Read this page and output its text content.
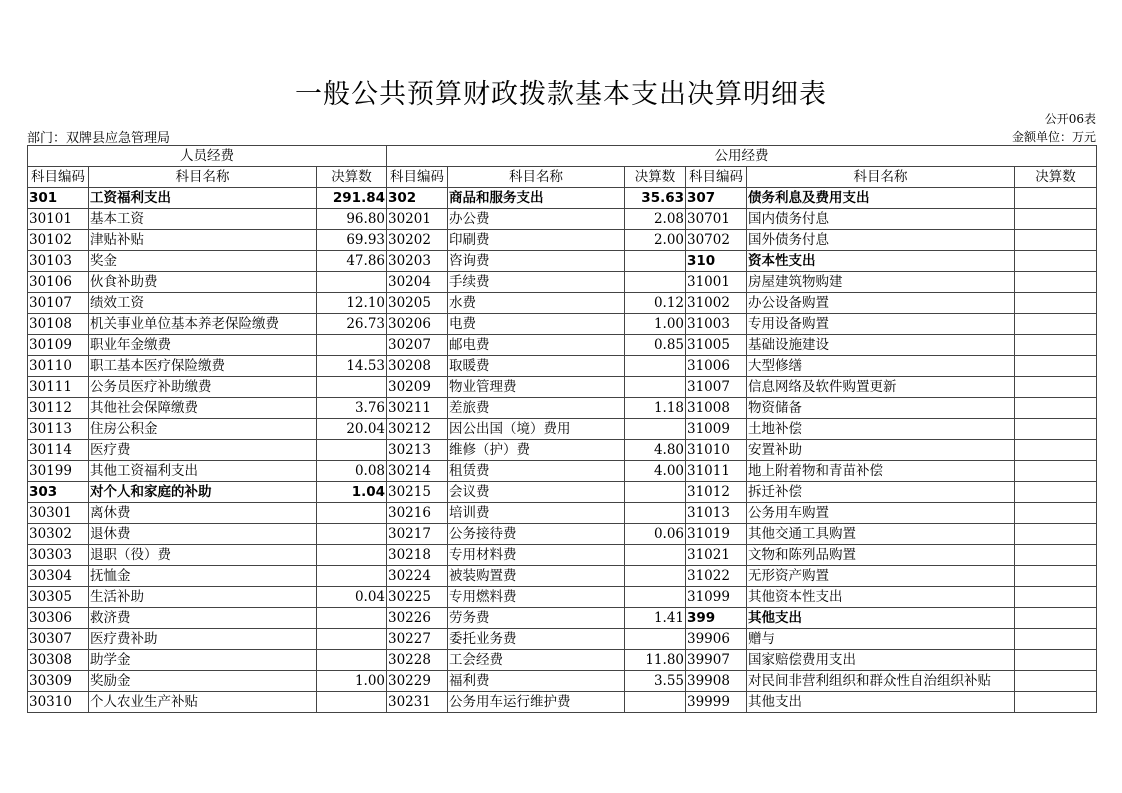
一般公共预算财政拨款基本支出决算明细表
公开06表
部门：双牌县应急管理局	金额单位：万元
人员经费			公用经费					
科目编码	科目名称	决算数	科目编码	科目名称	决算数	科目编码	科目名称	决算数
301	工资福利支出	291.84	302	商品和服务支出	35.63	307	债务利息及费用支出	
30101	基本工资	96.80	30201	办公费	2.08	30701	国内债务付息	
30102	津贴补贴	69.93	30202	印刷费	2.00	30702	国外债务付息	
30103	奖金	47.86	30203	咨询费		310	资本性支出	
30106	伙食补助费		30204	手续费		31001	房屋建筑物购建	
30107	绩效工资	12.10	30205	水费	0.12	31002	办公设备购置	
30108	机关事业单位基本养老保险缴费	26.73	30206	电费	1.00	31003	专用设备购置	
30109	职业年金缴费		30207	邮电费	0.85	31005	基础设施建设	
30110	职工基本医疗保险缴费	14.53	30208	取暖费		31006	大型修缮	
30111	公务员医疗补助缴费		30209	物业管理费		31007	信息网络及软件购置更新	
30112	其他社会保障缴费	3.76	30211	差旅费	1.18	31008	物资储备	
30113	住房公积金	20.04	30212	因公出国（境）费用		31009	土地补偿	
30114	医疗费		30213	维修（护）费	4.80	31010	安置补助	
30199	其他工资福利支出	0.08	30214	租赁费	4.00	31011	地上附着物和青苗补偿	
303	对个人和家庭的补助	1.04	30215	会议费		31012	拆迁补偿	
30301	离休费		30216	培训费		31013	公务用车购置	
30302	退休费		30217	公务接待费	0.06	31019	其他交通工具购置	
30303	退职（役）费		30218	专用材料费		31021	文物和陈列品购置	
30304	抚恤金		30224	被装购置费		31022	无形资产购置	
30305	生活补助	0.04	30225	专用燃料费		31099	其他资本性支出	
30306	救济费		30226	劳务费	1.41	399	其他支出	
30307	医疗费补助		30227	委托业务费		39906	赠与	
30308	助学金		30228	工会经费	11.80	39907	国家赔偿费用支出	
30309	奖励金	1.00	30229	福利费	3.55	39908	对民间非营利组织和群众性自治组织补贴	
30310	个人农业生产补贴		30231	公务用车运行维护费		39999	其他支出	
